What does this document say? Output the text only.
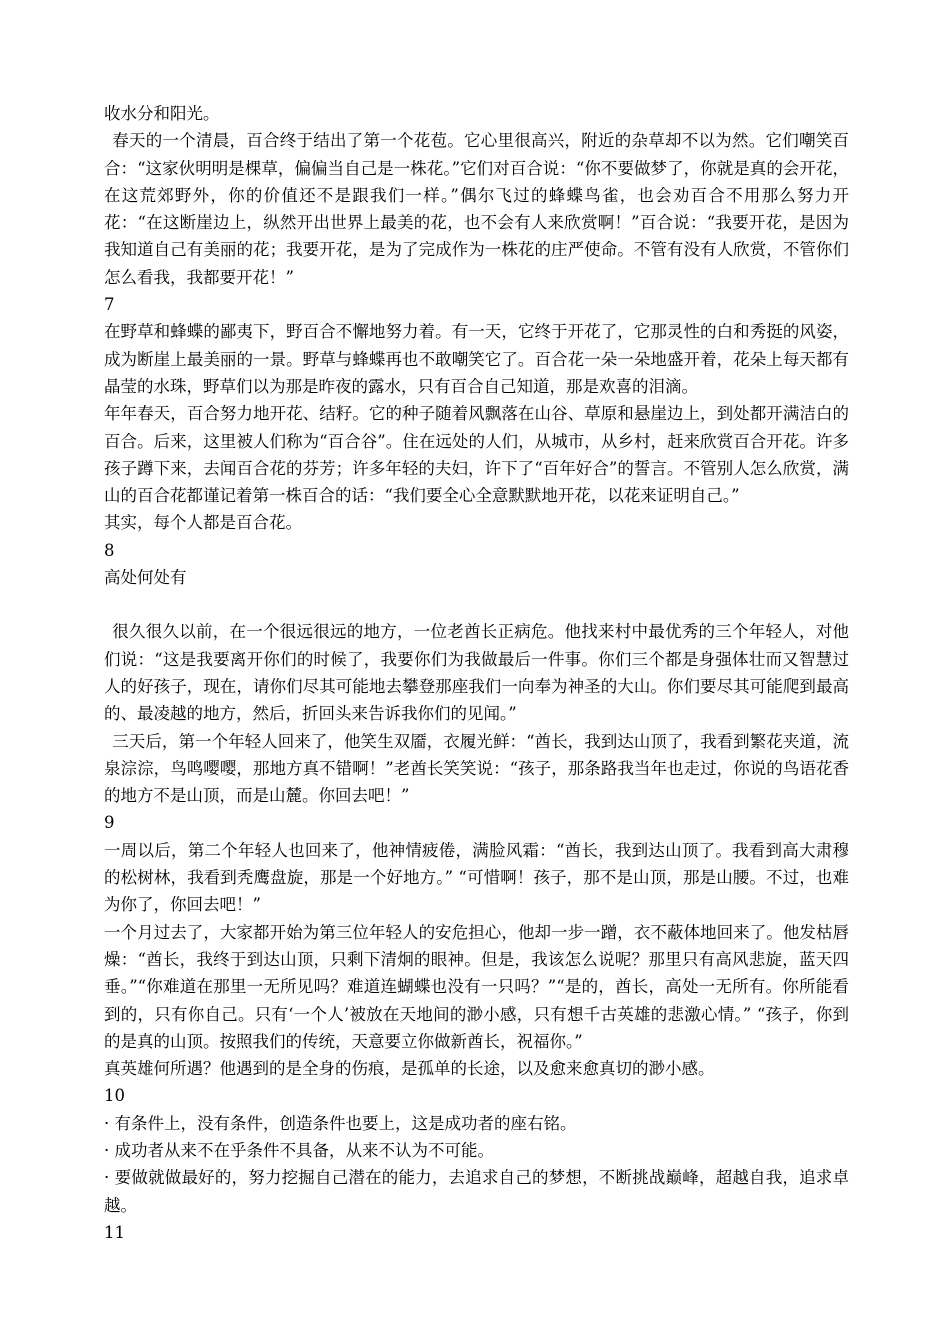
收水分和阳光。

春天的一个清晨，百合终于结出了第一个花苞。它心里很高兴，附近的杂草却不以为然。它们嘲笑百合：“这家伙明明是棵草，偏偏当自己是一株花。”它们对百合说：“你不要做梦了，你就是真的会开花，在这荒郊野外，你的价值还不是跟我们一样。”偶尔飞过的蜂蝶鸟雀，也会劝百合不用那么努力开花：“在这断崖边上，纵然开出世界上最美的花，也不会有人来欣赏啊！”百合说：“我要开花，是因为我知道自己有美丽的花；我要开花，是为了完成作为一株花的庄严使命。不管有没有人欣赏，不管你们怎么看我，我都要开花！”

7

在野草和蜂蝶的鄙夷下，野百合不懈地努力着。有一天，它终于开花了，它那灵性的白和秀挺的风姿，成为断崖上最美丽的一景。野草与蜂蝶再也不敢嘲笑它了。百合花一朵一朵地盛开着，花朵上每天都有晶莹的水珠，野草们以为那是昨夜的露水，只有百合自己知道，那是欢喜的泪滴。

年年春天，百合努力地开花、结籽。它的种子随着风飘落在山谷、草原和悬崖边上，到处都开满洁白的百合。后来，这里被人们称为“百合谷”。住在远处的人们，从城市，从乡村，赶来欣赏百合开花。许多孩子蹲下来，去闻百合花的芬芳；许多年轻的夫妇，许下了“百年好合”的誓言。不管别人怎么欣赏，满山的百合花都谨记着第一株百合的话：“我们要全心全意默默地开花，以花来证明自己。”

其实，每个人都是百合花。

8

高处何处有

很久很久以前，在一个很远很远的地方，一位老酋长正病危。他找来村中最优秀的三个年轻人，对他们说：“这是我要离开你们的时候了，我要你们为我做最后一件事。你们三个都是身强体壮而又智慧过人的好孩子，现在，请你们尽其可能地去攀登那座我们一向奉为神圣的大山。你们要尽其可能爬到最高的、最凌越的地方，然后，折回头来告诉我你们的见闻。”

三天后，第一个年轻人回来了，他笑生双靥，衣履光鲜：“酋长，我到达山顶了，我看到繁花夹道，流泉淙淙，鸟鸣嘤嘤，那地方真不错啊！”老酋长笑笑说：“孩子，那条路我当年也走过，你说的鸟语花香的地方不是山顶，而是山麓。你回去吧！”

9

一周以后，第二个年轻人也回来了，他神情疲倦，满脸风霜：“酋长，我到达山顶了。我看到高大肃穆的松树林，我看到秃鹰盘旋，那是一个好地方。” “可惜啊！孩子，那不是山顶，那是山腰。不过，也难为你了，你回去吧！”

一个月过去了，大家都开始为第三位年轻人的安危担心，他却一步一蹭，衣不蔽体地回来了。他发枯唇燥：“酋长，我终于到达山顶，只剩下清炯的眼神。但是，我该怎么说呢？那里只有高风悲旋，蓝天四垂。”“你难道在那里一无所见吗？难道连蝴蝶也没有一只吗？”“是的，酋长，高处一无所有。你所能看到的，只有你自己。只有‘一个人’被放在天地间的渺小感，只有想千古英雄的悲激心情。” “孩子，你到的是真的山顶。按照我们的传统，天意要立你做新酋长，祝福你。”

真英雄何所遇？他遇到的是全身的伤痕，是孤单的长途，以及愈来愈真切的渺小感。

10

· 有条件上，没有条件，创造条件也要上，这是成功者的座右铭。

· 成功者从来不在乎条件不具备，从来不认为不可能。

· 要做就做最好的，努力挖掘自己潜在的能力，去追求自己的梦想，不断挑战巅峰，超越自我，追求卓越。

11
